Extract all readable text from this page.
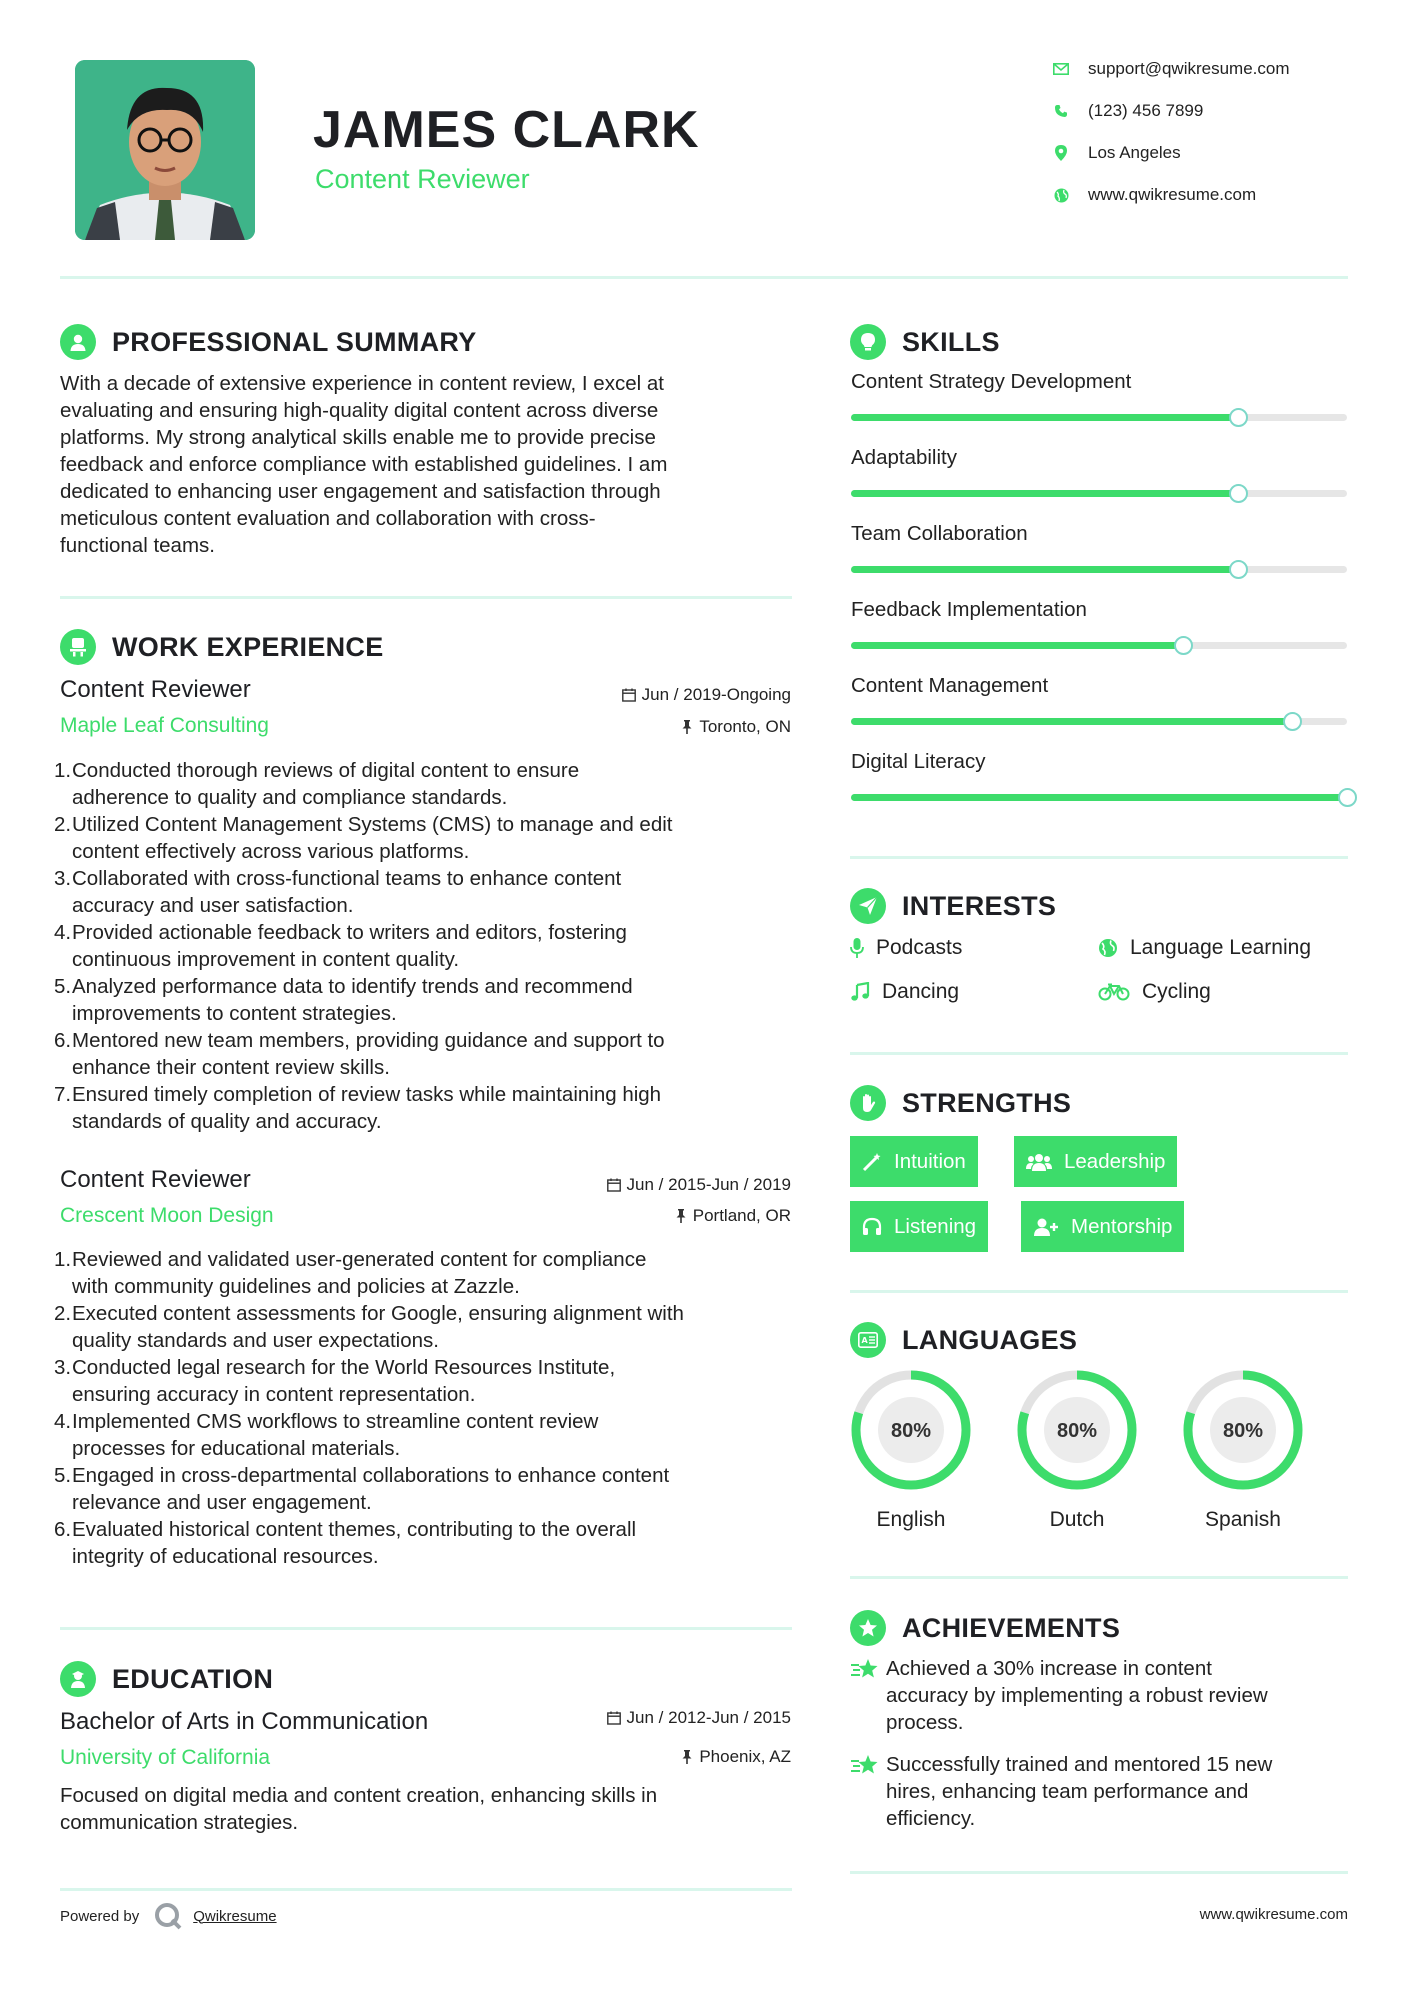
JAMES CLARK
Content Reviewer
support@qwikresume.com
(123) 456 7899
Los Angeles
www.qwikresume.com
PROFESSIONAL SUMMARY
With a decade of extensive experience in content review, I excel at
evaluating and ensuring high-quality digital content across diverse
platforms. My strong analytical skills enable me to provide precise
feedback and enforce compliance with established guidelines. I am
dedicated to enhancing user engagement and satisfaction through
meticulous content evaluation and collaboration with cross-
functional teams.
WORK EXPERIENCE
Content Reviewer
Maple Leaf Consulting
Jun / 2019-Ongoing
Toronto, ON
1. Conducted thorough reviews of digital content to ensure
adherence to quality and compliance standards.
2. Utilized Content Management Systems (CMS) to manage and edit
content effectively across various platforms.
3. Collaborated with cross-functional teams to enhance content
accuracy and user satisfaction.
4. Provided actionable feedback to writers and editors, fostering
continuous improvement in content quality.
5. Analyzed performance data to identify trends and recommend
improvements to content strategies.
6. Mentored new team members, providing guidance and support to
enhance their content review skills.
7. Ensured timely completion of review tasks while maintaining high
standards of quality and accuracy.
Content Reviewer
Crescent Moon Design
Jun / 2015-Jun / 2019
Portland, OR
1. Reviewed and validated user-generated content for compliance
with community guidelines and policies at Zazzle.
2. Executed content assessments for Google, ensuring alignment with
quality standards and user expectations.
3. Conducted legal research for the World Resources Institute,
ensuring accuracy in content representation.
4. Implemented CMS workflows to streamline content review
processes for educational materials.
5. Engaged in cross-departmental collaborations to enhance content
relevance and user engagement.
6. Evaluated historical content themes, contributing to the overall
integrity of educational resources.
EDUCATION
Bachelor of Arts in Communication
University of California
Jun / 2012-Jun / 2015
Phoenix, AZ
Focused on digital media and content creation, enhancing skills in
communication strategies.
Powered by	Qwikresume
SKILLS
Content Strategy Development
Adaptability
Team Collaboration
Feedback Implementation
Content Management
Digital Literacy
INTERESTS
Podcasts	Language Learning
Dancing	Cycling
STRENGTHS
Intuition	Leadership
Listening	Mentorship
A LANGUAGES
80%
English
80%
Dutch
80%
Spanish
ACHIEVEMENTS
Achieved a 30% increase in content
accuracy by implementing a robust review
process.
Successfully trained and mentored 15 new
hires, enhancing team performance and
efficiency.
www.qwikresume.com
